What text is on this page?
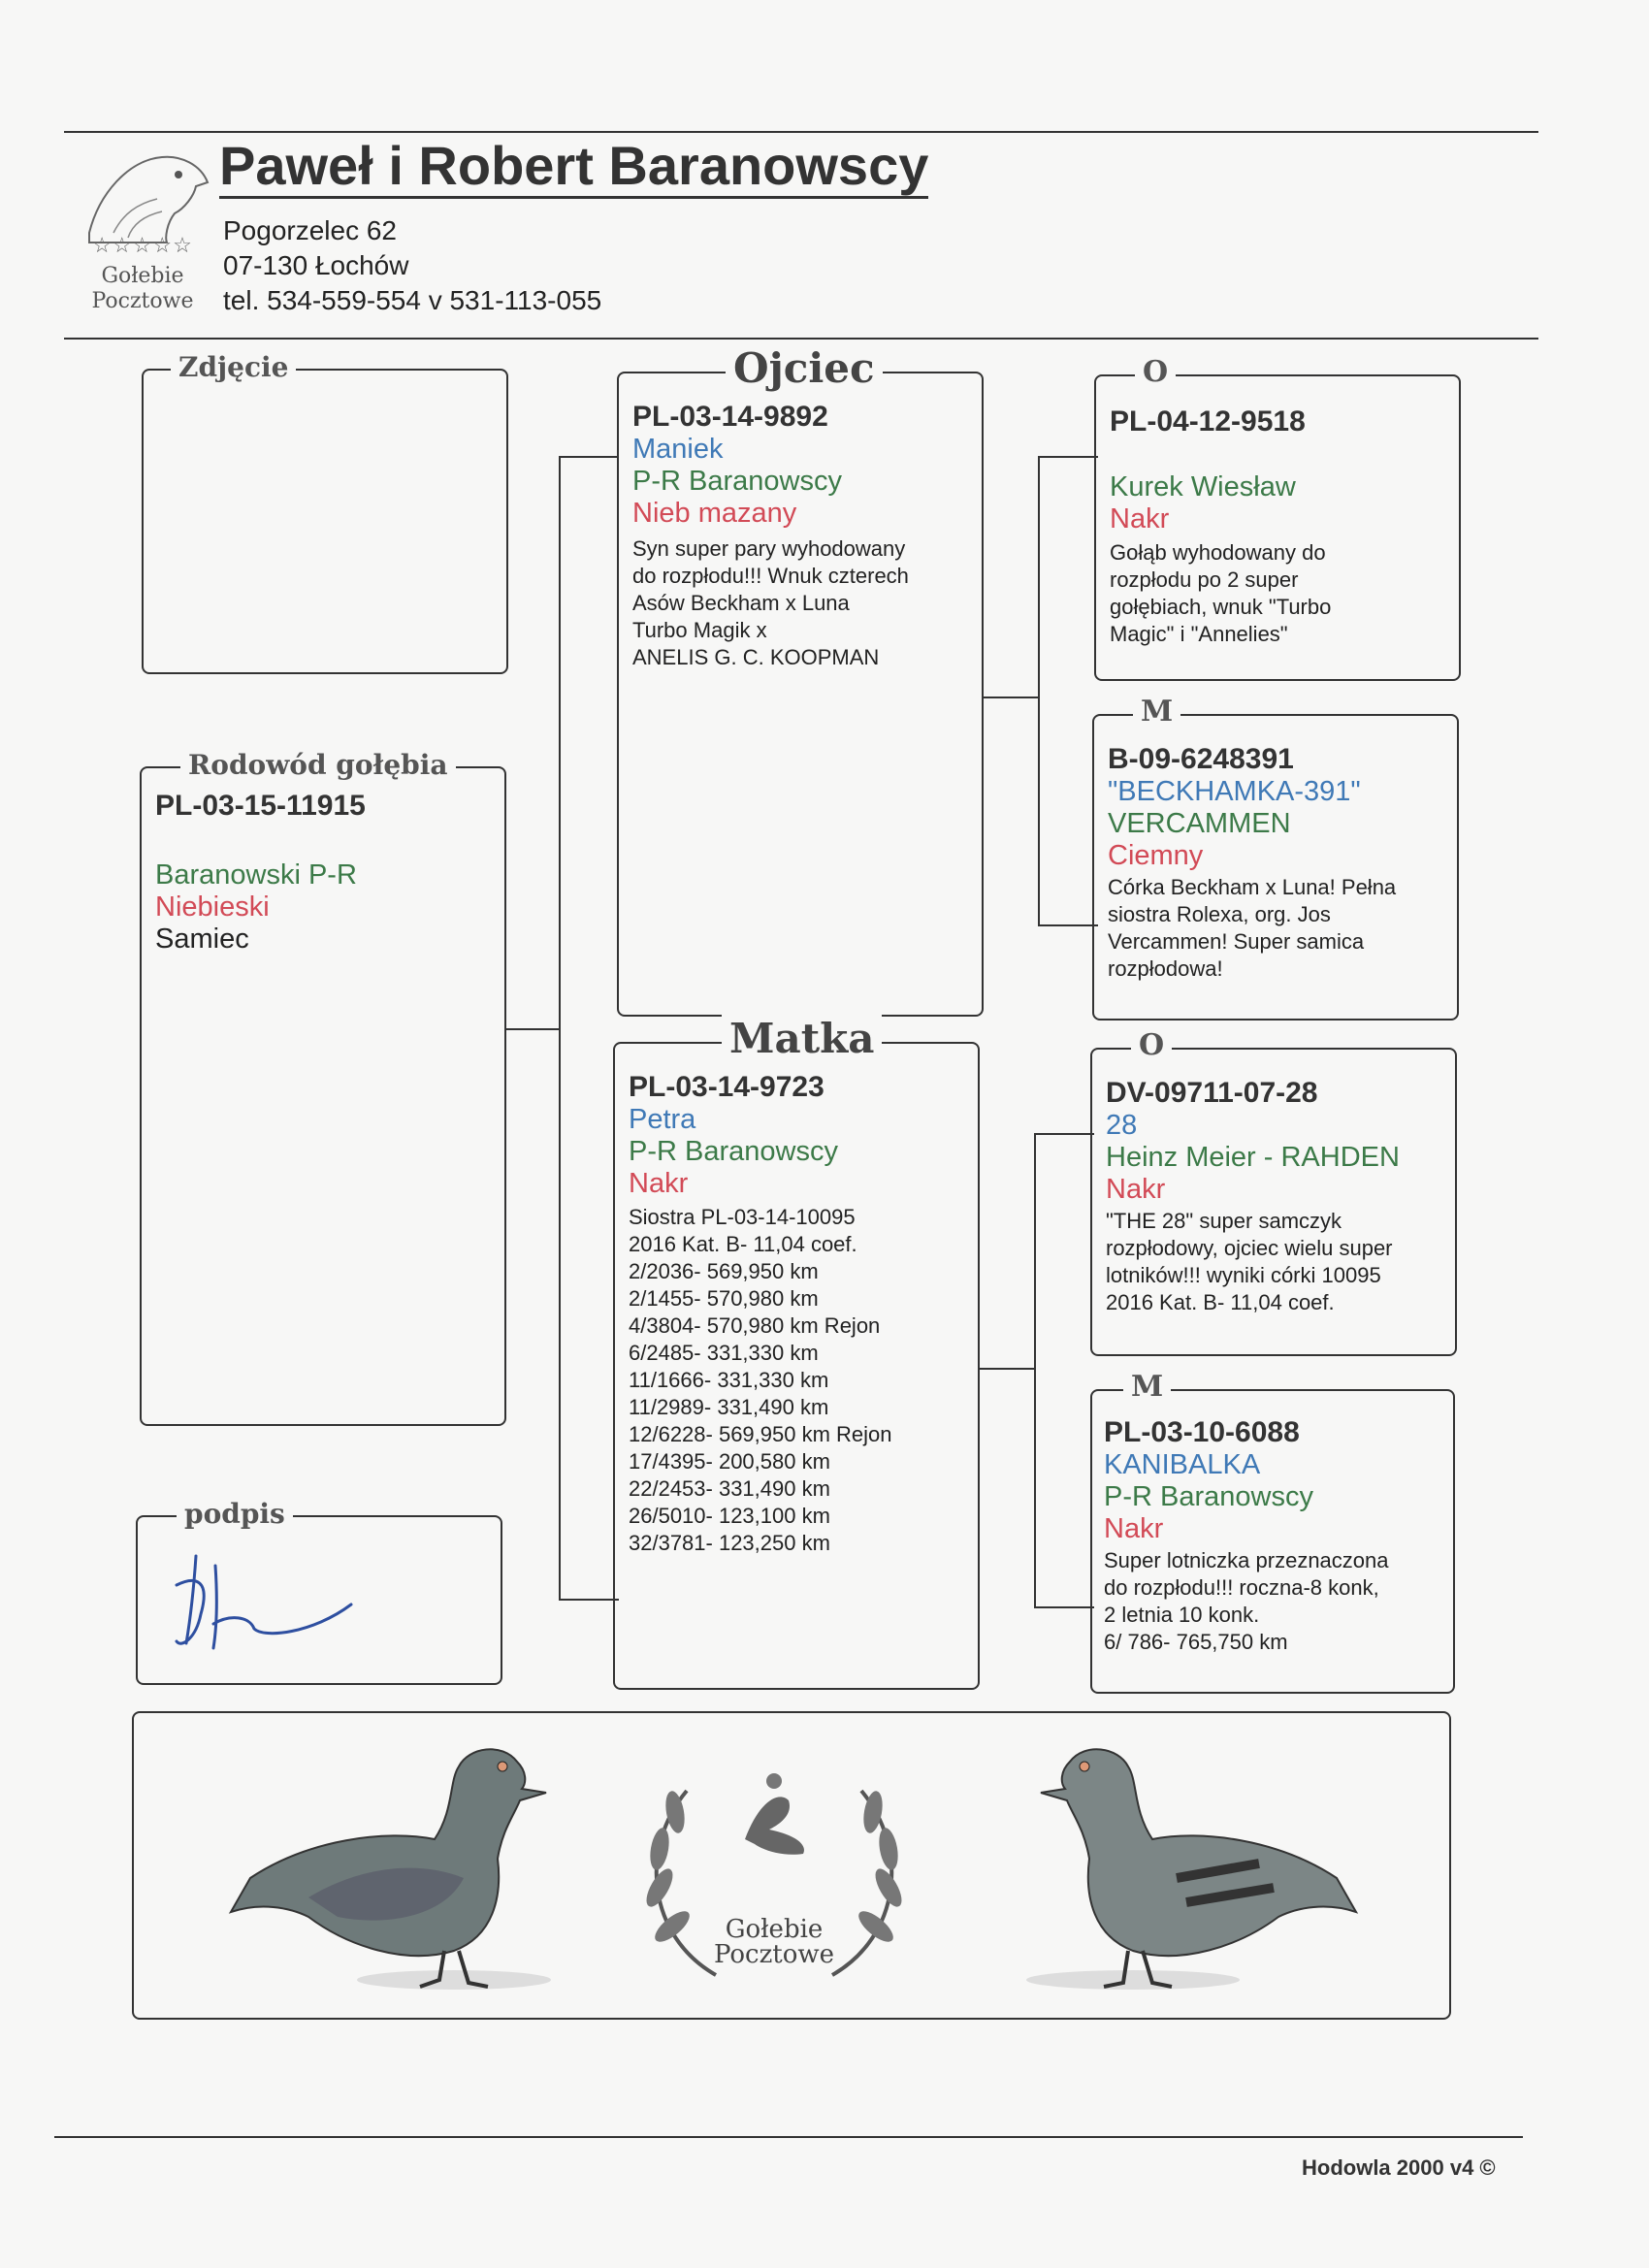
☆☆☆☆☆
Gołebie
Pocztowe
Paweł i Robert Baranowscy
Pogorzelec 62
07-130 Łochów
tel. 534-559-554 v 531-113-055
Zdjęcie
Rodowód gołębia
PL-03-15-11915
Baranowski P-R
Niebieski
Samiec
podpis
Ojciec
PL-03-14-9892
Maniek
P-R Baranowscy
Nieb mazany
Syn super pary wyhodowany
do rozpłodu!!! Wnuk czterech
Asów Beckham x Luna
Turbo Magik x
ANELIS G. C. KOOPMAN
Matka
PL-03-14-9723
Petra
P-R Baranowscy
Nakr
Siostra PL-03-14-10095
2016 Kat. B- 11,04 coef.
2/2036- 569,950 km
2/1455- 570,980 km
4/3804- 570,980 km Rejon
6/2485- 331,330 km
11/1666- 331,330 km
11/2989- 331,490 km
12/6228- 569,950 km Rejon
17/4395- 200,580 km
22/2453- 331,490 km
26/5010- 123,100 km
32/3781- 123,250 km
O
PL-04-12-9518
Kurek Wiesław
Nakr
Gołąb wyhodowany do
rozpłodu po 2 super
gołębiach, wnuk "Turbo
Magic" i "Annelies"
M
B-09-6248391
"BECKHAMKA-391"
VERCAMMEN
Ciemny
Córka Beckham x Luna! Pełna
siostra Rolexa, org. Jos
Vercammen! Super samica
rozpłodowa!
O
DV-09711-07-28
28
Heinz Meier - RAHDEN
Nakr
"THE 28" super samczyk
rozpłodowy, ojciec wielu super
lotników!!! wyniki córki 10095
2016 Kat. B- 11,04 coef.
M
PL-03-10-6088
KANIBALKA
P-R Baranowscy
Nakr
Super lotniczka przeznaczona
do rozpłodu!!! roczna-8 konk,
2 letnia 10 konk.
6/ 786- 765,750 km
Gołebie
Pocztowe
Hodowla 2000 v4 ©
